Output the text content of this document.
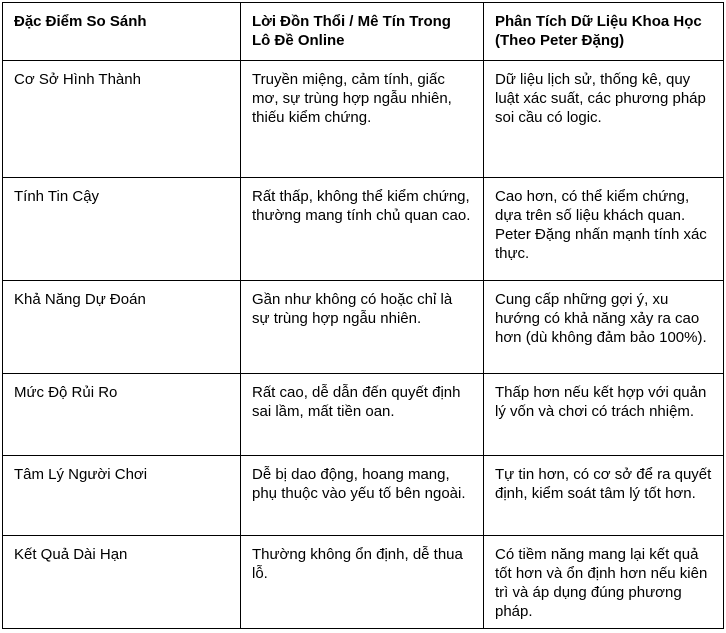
Đặc Điểm So Sánh	Lời Đồn Thổi / Mê Tín Trong Lô Đề Online	Phân Tích Dữ Liệu Khoa Học (Theo Peter Đặng)
Cơ Sở Hình Thành	Truyền miệng, cảm tính, giấc mơ, sự trùng hợp ngẫu nhiên, thiếu kiểm chứng.	Dữ liệu lịch sử, thống kê, quy luật xác suất, các phương pháp soi cầu có logic.
Tính Tin Cậy	Rất thấp, không thể kiểm chứng, thường mang tính chủ quan cao.	Cao hơn, có thể kiểm chứng, dựa trên số liệu khách quan. Peter Đặng nhấn mạnh tính xác thực.
Khả Năng Dự Đoán	Gần như không có hoặc chỉ là sự trùng hợp ngẫu nhiên.	Cung cấp những gợi ý, xu hướng có khả năng xảy ra cao hơn (dù không đảm bảo 100%).
Mức Độ Rủi Ro	Rất cao, dễ dẫn đến quyết định sai lầm, mất tiền oan.	Thấp hơn nếu kết hợp với quản lý vốn và chơi có trách nhiệm.
Tâm Lý Người Chơi	Dễ bị dao động, hoang mang, phụ thuộc vào yếu tố bên ngoài.	Tự tin hơn, có cơ sở để ra quyết định, kiểm soát tâm lý tốt hơn.
Kết Quả Dài Hạn	Thường không ổn định, dễ thua lỗ.	Có tiềm năng mang lại kết quả tốt hơn và ổn định hơn nếu kiên trì và áp dụng đúng phương pháp.
